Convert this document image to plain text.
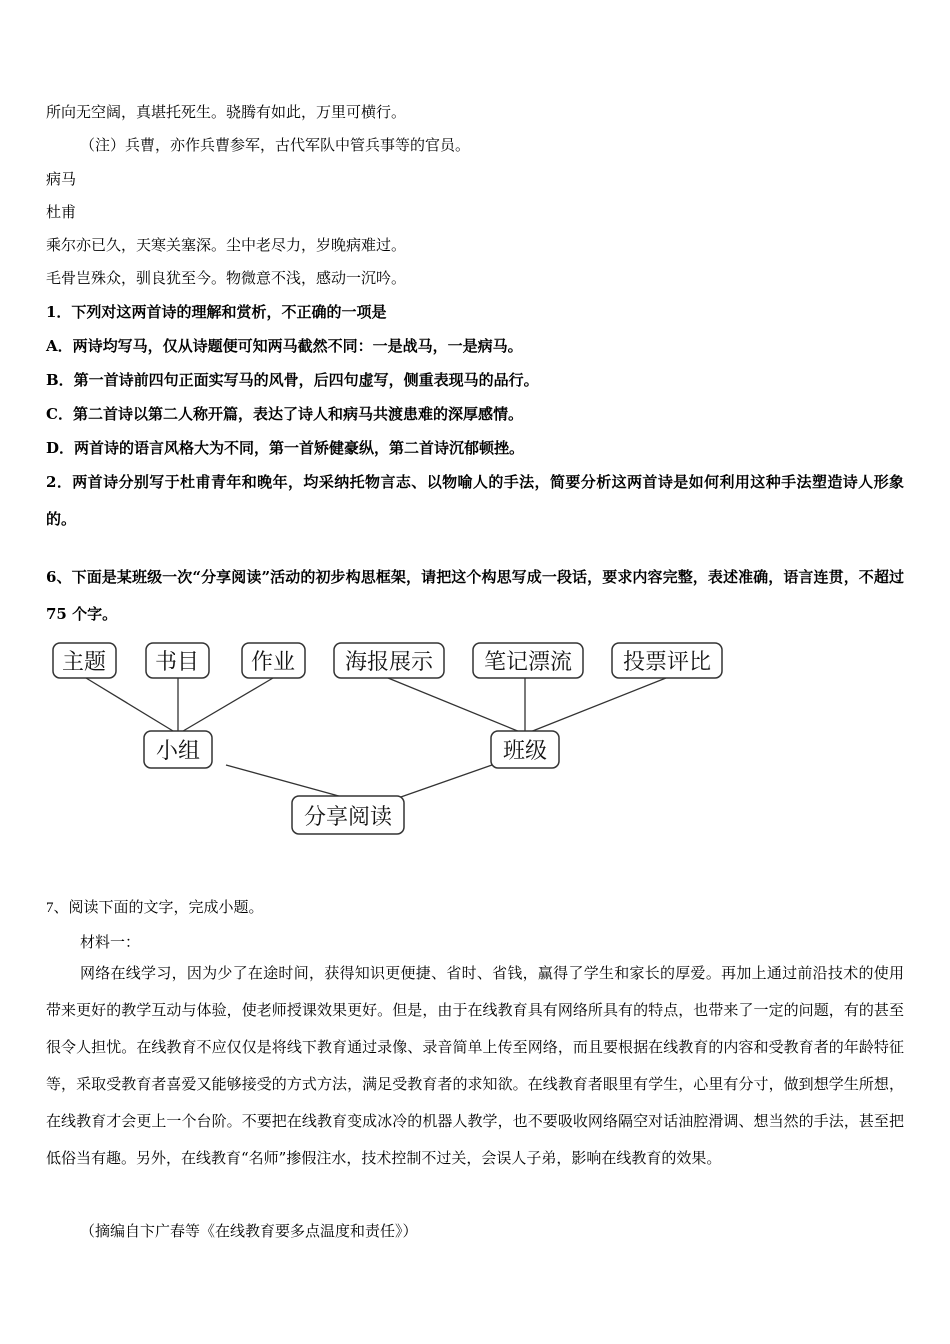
所向无空阔，真堪托死生。骁腾有如此，万里可横行。
（注）兵曹，亦作兵曹参军，古代军队中管兵事等的官员。
病马
杜甫
乘尔亦已久，天寒关塞深。尘中老尽力，岁晚病难过。
毛骨岂殊众，驯良犹至今。物微意不浅，感动一沉吟。
1．下列对这两首诗的理解和赏析，不正确的一项是
A．两诗均写马，仅从诗题便可知两马截然不同：一是战马，一是病马。
B．第一首诗前四句正面实写马的风骨，后四句虚写，侧重表现马的品行。
C．第二首诗以第二人称开篇，表达了诗人和病马共渡患难的深厚感情。
D．两首诗的语言风格大为不同，第一首矫健豪纵，第二首诗沉郁顿挫。
2．两首诗分别写于杜甫青年和晚年，均采纳托物言志、以物喻人的手法，简要分析这两首诗是如何利用这种手法塑造诗人形象的。
6、下面是某班级一次“分享阅读”活动的初步构思框架，请把这个构思写成一段话，要求内容完整，表述准确，语言连贯，不超过 75 个字。
主题 书目 作业 海报展示 笔记漂流 投票评比
小组	班级
分享阅读
7、阅读下面的文字，完成小题。
材料一：
网络在线学习，因为少了在途时间，获得知识更便捷、省时、省钱，赢得了学生和家长的厚爱。再加上通过前沿技术的使用带来更好的教学互动与体验，使老师授课效果更好。但是，由于在线教育具有网络所具有的特点，也带来了一定的问题，有的甚至很令人担忧。在线教育不应仅仅是将线下教育通过录像、录音简单上传至网络，而且要根据在线教育的内容和受教育者的年龄特征等，采取受教育者喜爱又能够接受的方式方法，满足受教育者的求知欲。在线教育者眼里有学生，心里有分寸，做到想学生所想，在线教育才会更上一个台阶。不要把在线教育变成冰冷的机器人教学，也不要吸收网络隔空对话油腔滑调、想当然的手法，甚至把低俗当有趣。另外，在线教育“名师”掺假注水，技术控制不过关，会误人子弟，影响在线教育的效果。
（摘编自卞广春等《在线教育要多点温度和责任》）
